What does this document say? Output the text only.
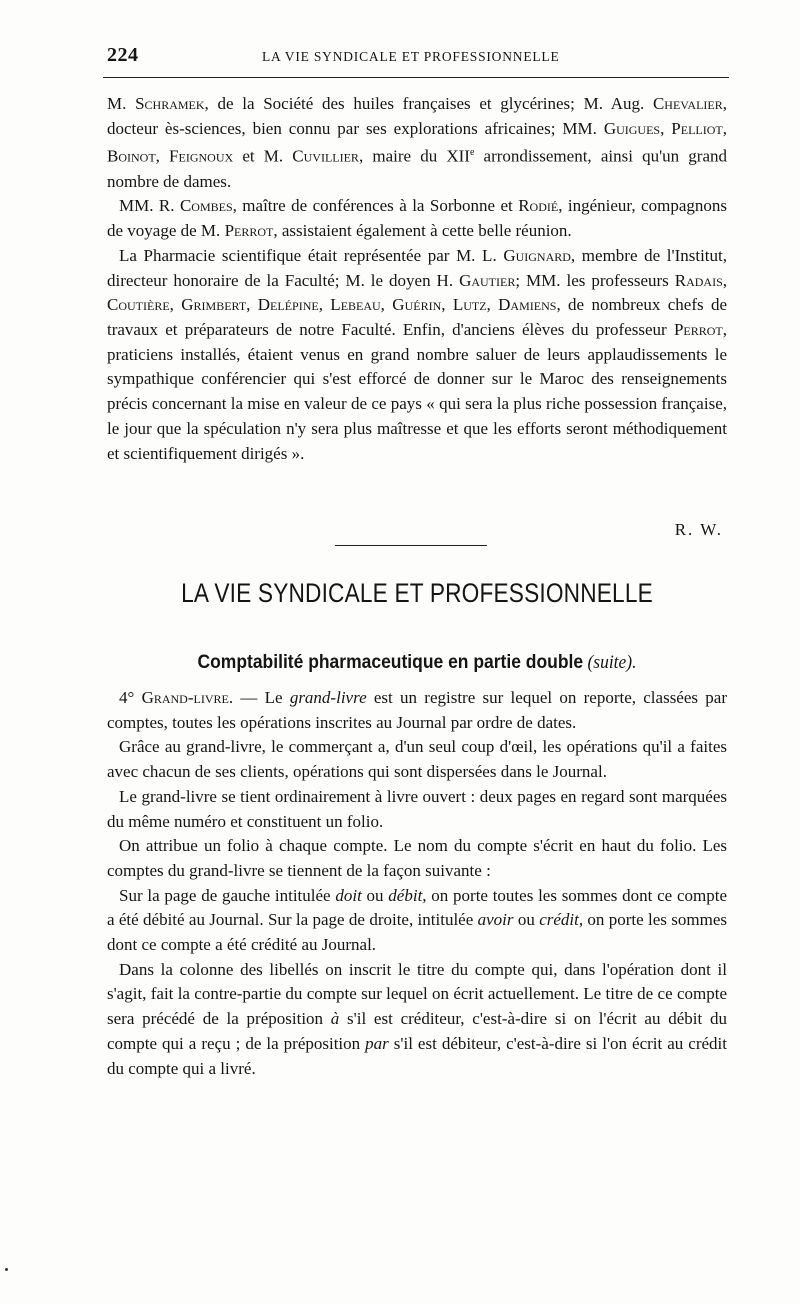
224	LA VIE SYNDICALE ET PROFESSIONNELLE

M. Schramek, de la Société des huiles françaises et glycérines; M. Aug. Chevalier, docteur ès-sciences, bien connu par ses explorations africaines; MM. Guigues, Pelliot, Boinot, Feignoux et M. Cuvillier, maire du XIIe arrondissement, ainsi qu'un grand nombre de dames.

MM. R. Combes, maître de conférences à la Sorbonne et Rodié, ingénieur, compagnons de voyage de M. Perrot, assistaient également à cette belle réunion.

La Pharmacie scientifique était représentée par M. L. Guignard, membre de l'Institut, directeur honoraire de la Faculté; M. le doyen H. Gautier; MM. les professeurs Radais, Coutière, Grimbert, Delépine, Lebeau, Guérin, Lutz, Damiens, de nombreux chefs de travaux et préparateurs de notre Faculté. Enfin, d'anciens élèves du professeur Perrot, praticiens installés, étaient venus en grand nombre saluer de leurs applaudissements le sympathique conférencier qui s'est efforcé de donner sur le Maroc des renseignements précis concernant la mise en valeur de ce pays « qui sera la plus riche possession française, le jour que la spéculation n'y sera plus maîtresse et que les efforts seront méthodiquement et scientifiquement dirigés ».

R. W.
LA VIE SYNDICALE ET PROFESSIONNELLE
Comptabilité pharmaceutique en partie double (suite).

4° Grand-livre. — Le grand-livre est un registre sur lequel on reporte, classées par comptes, toutes les opérations inscrites au Journal par ordre de dates.

Grâce au grand-livre, le commerçant a, d'un seul coup d'œil, les opérations qu'il a faites avec chacun de ses clients, opérations qui sont dispersées dans le Journal.

Le grand-livre se tient ordinairement à livre ouvert : deux pages en regard sont marquées du même numéro et constituent un folio.

On attribue un folio à chaque compte. Le nom du compte s'écrit en haut du folio. Les comptes du grand-livre se tiennent de la façon suivante :

Sur la page de gauche intitulée doit ou débit, on porte toutes les sommes dont ce compte a été débité au Journal. Sur la page de droite, intitulée avoir ou crédit, on porte les sommes dont ce compte a été crédité au Journal.

Dans la colonne des libellés on inscrit le titre du compte qui, dans l'opération dont il s'agit, fait la contre-partie du compte sur lequel on écrit actuellement. Le titre de ce compte sera précédé de la préposition à s'il est créditeur, c'est-à-dire si on l'écrit au débit du compte qui a reçu ; de la préposition par s'il est débiteur, c'est-à-dire si l'on écrit au crédit du compte qui a livré.
